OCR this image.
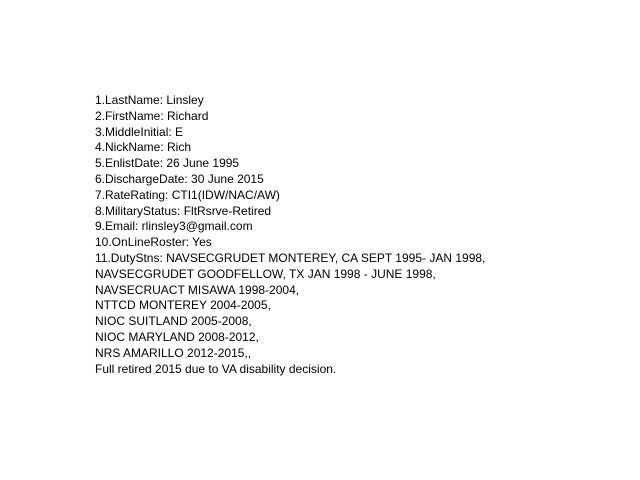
1.LastName: Linsley
2.FirstName: Richard
3.MiddleInitial: E
4.NickName: Rich
5.EnlistDate: 26 June 1995
6.DischargeDate: 30 June 2015
7.RateRating: CTI1(IDW/NAC/AW)
8.MilitaryStatus: FltRsrve-Retired
9.Email: rlinsley3@gmail.com
10.OnLineRoster: Yes
11.DutyStns: NAVSECGRUDET MONTEREY, CA SEPT 1995- JAN 1998,
NAVSECGRUDET GOODFELLOW, TX JAN 1998 - JUNE 1998,
NAVSECRUACT MISAWA 1998-2004,
NTTCD MONTEREY 2004-2005,
NIOC SUITLAND 2005-2008,
NIOC MARYLAND 2008-2012,
NRS AMARILLO 2012-2015,,
Full retired 2015 due to VA disability decision.
